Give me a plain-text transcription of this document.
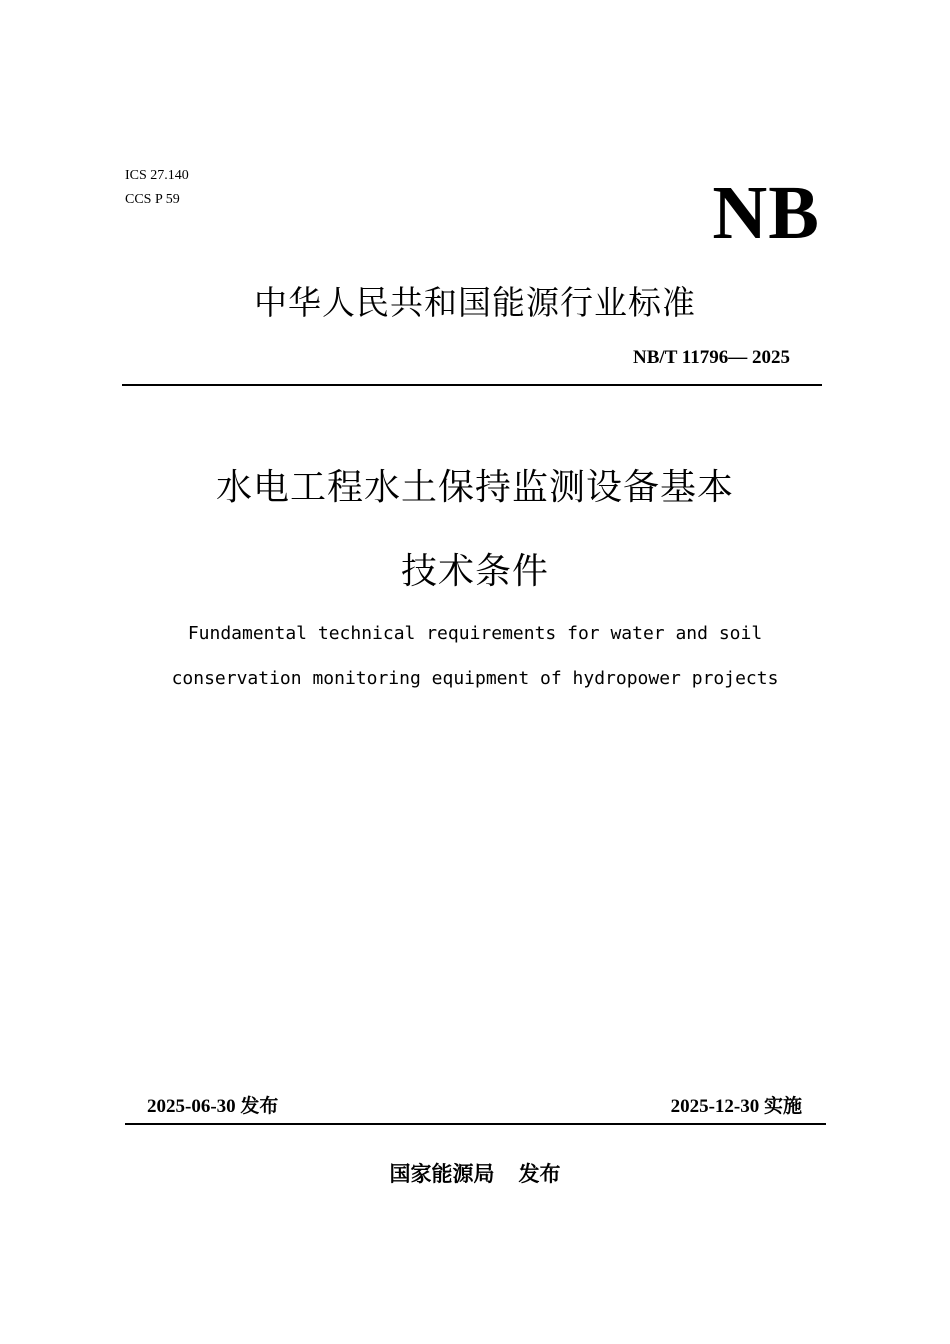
ICS 27.140
CCS P 59	NB
中华人民共和国能源行业标准
NB/T 11796— 2025
水电工程水土保持监测设备基本
技术条件
Fundamental technical requirements for water and soil
conservation monitoring equipment of hydropower projects
2025-06-30 发布	2025-12-30 实施
国家能源局 发布
